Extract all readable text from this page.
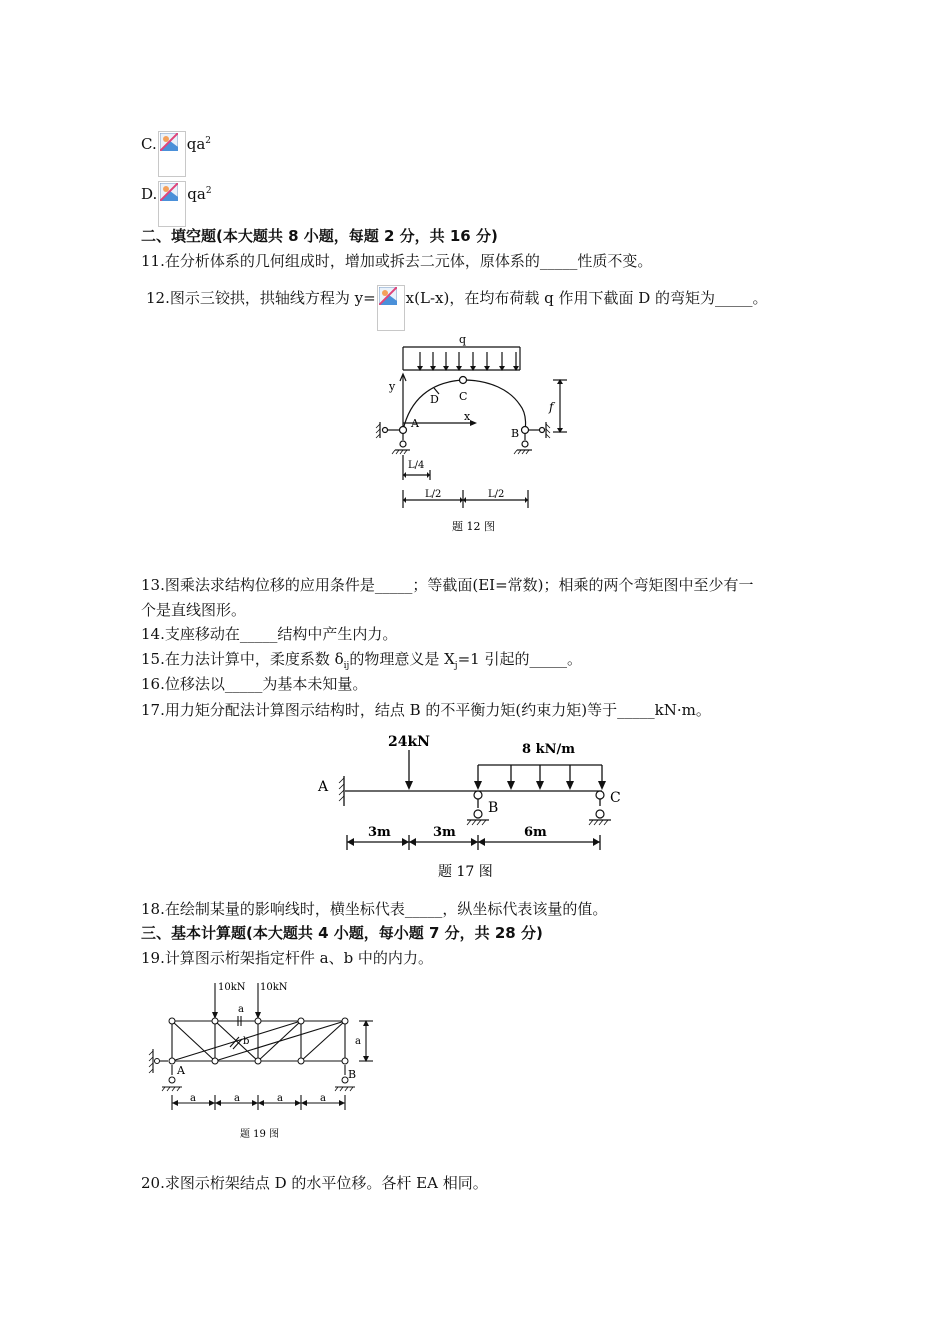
C. $qa^2$
D. $qa^2$
二、填空题(本大题共 8 小题，每题 2 分，共 16 分)
11.在分析体系的几何组成时，增加或拆去二元体，原体系的_____性质不变。
12.图示三铰拱，拱轴线方程为 y= x(L-x)，在均布荷载 q 作用下截面 D 的弯矩为_____。
q
y
x
A
B
C
D
f
L/4
L/2	L/2
题 12 图
13.图乘法求结构位移的应用条件是_____；等截面(EI=常数)；相乘的两个弯矩图中至少有一
个是直线图形。
14.支座移动在_____结构中产生内力。
15.在力法计算中，柔度系数 $\delta_{ij}$的物理意义是 $X_j=1$ 引起的_____。
16.位移法以_____为基本未知量。
17.用力矩分配法计算图示结构时，结点 B 的不平衡力矩(约束力矩)等于_____kN·m。
24kN	8 kN/m
A
B
C
3m	3m	6m
题 17 图
18.在绘制某量的影响线时，横坐标代表_____，纵坐标代表该量的值。
三、基本计算题(本大题共 4 小题，每小题 7 分，共 28 分)
19.计算图示桁架指定杆件 a、b 中的内力。
10kN 10kN
a
b	a
A	B
a	a	a	a
题 19 图
20.求图示桁架结点 D 的水平位移。各杆 EA 相同。
